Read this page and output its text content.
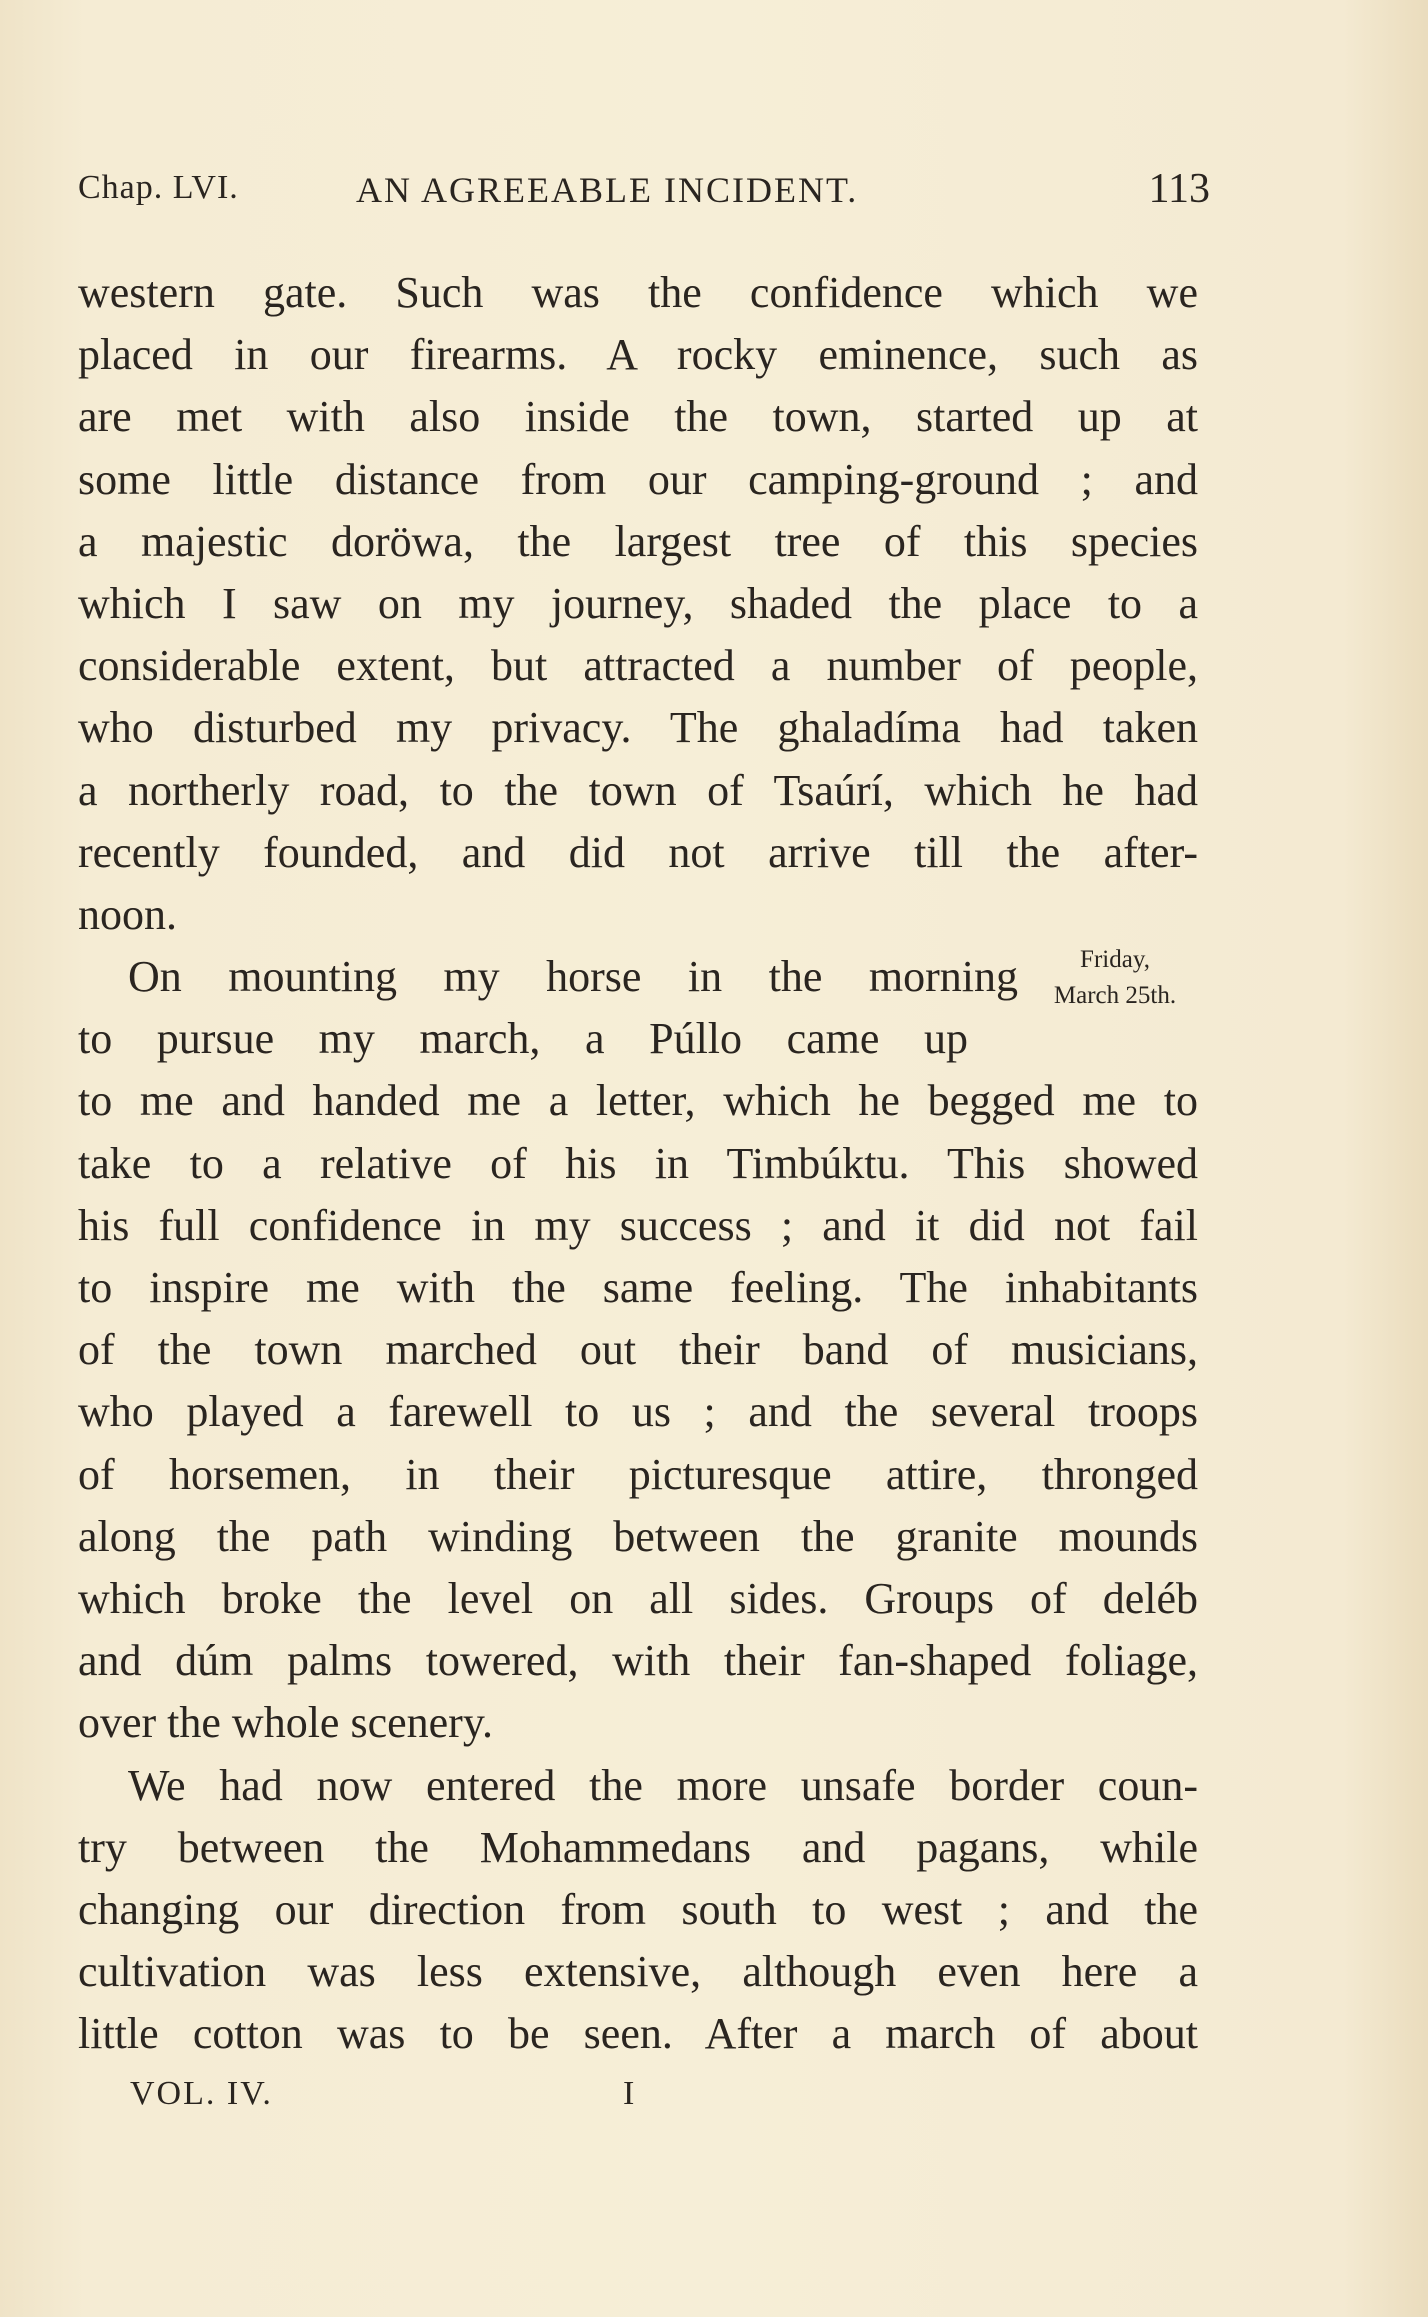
Chap. LVI.	AN AGREEABLE INCIDENT.	113
western gate. Such was the confidence which we
placed in our firearms. A rocky eminence, such as
are met with also inside the town, started up at
some little distance from our camping-ground ; and
a majestic doröwa, the largest tree of this species
which I saw on my journey, shaded the place to a
considerable extent, but attracted a number of people,
who disturbed my privacy. The ghaladíma had taken
a northerly road, to the town of Tsaúrí, which he had
recently founded, and did not arrive till the after-
noon.
On mounting my horse in the morning
to pursue my march, a Púllo came up
to me and handed me a letter, which he begged me to
take to a relative of his in Timbúktu. This showed
his full confidence in my success ; and it did not fail
to inspire me with the same feeling. The inhabitants
of the town marched out their band of musicians,
who played a farewell to us ; and the several troops
of horsemen, in their picturesque attire, thronged
along the path winding between the granite mounds
which broke the level on all sides. Groups of deléb
and dúm palms towered, with their fan-shaped foliage,
over the whole scenery.
We had now entered the more unsafe border coun-
try between the Mohammedans and pagans, while
changing our direction from south to west ; and the
cultivation was less extensive, although even here a
little cotton was to be seen. After a march of about
Friday,
March 25th.
VOL. IV.	I
